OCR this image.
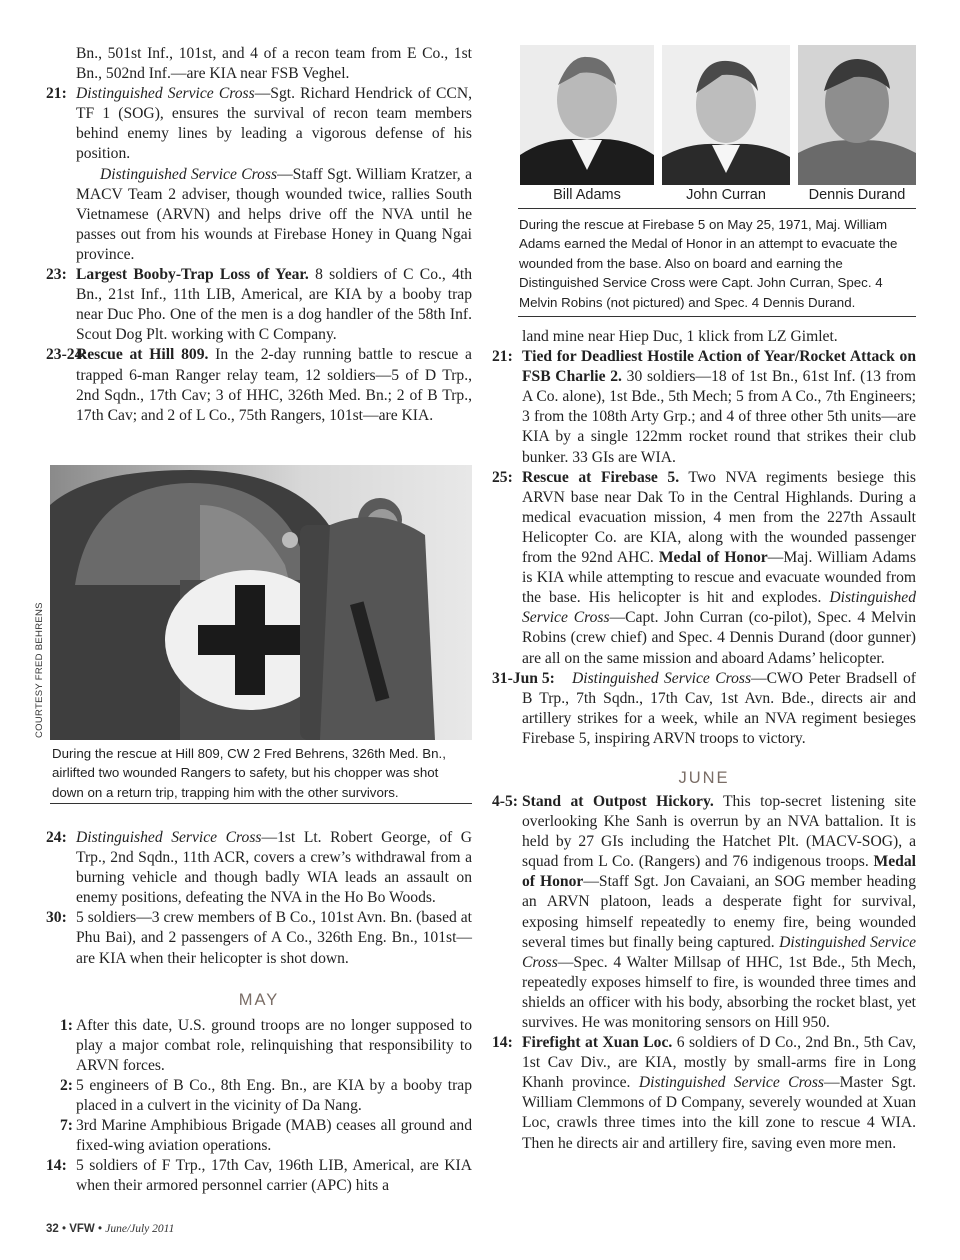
Bn., 501st Inf., 101st, and 4 of a recon team from E Co., 1st Bn., 502nd Inf.—are KIA near FSB Veghel.

21: Distinguished Service Cross—Sgt. Richard Hendrick of CCN, TF 1 (SOG), ensures the survival of recon team members behind enemy lines by leading a vigorous defense of his position.

Distinguished Service Cross—Staff Sgt. William Kratzer, a MACV Team 2 adviser, though wounded twice, rallies South Vietnamese (ARVN) and helps drive off the NVA until he passes out from his wounds at Firebase Honey in Quang Ngai province.

23: Largest Booby-Trap Loss of Year. 8 soldiers of C Co., 4th Bn., 21st Inf., 11th LIB, Americal, are KIA by a booby trap near Duc Pho. One of the men is a dog handler of the 58th Inf. Scout Dog Plt. working with C Company.

23-24:
Rescue at Hill 809. In the 2-day running battle to rescue a trapped 6-man Ranger relay team, 12 soldiers—5 of D Trp., 2nd Sqdn., 17th Cav; 3 of HHC, 326th Med. Bn.; 2 of B Trp., 17th Cav; and 2 of L Co., 75th Rangers, 101st—are KIA.

COURTESY FRED BEHRENS
During the rescue at Hill 809, CW 2 Fred Behrens, 326th Med. Bn., airlifted two wounded Rangers to safety, but his chopper was shot down on a return trip, trapping him with the other survivors.

24: Distinguished Service Cross—1st Lt. Robert George, of G Trp., 2nd Sqdn., 11th ACR, covers a crew’s withdrawal from a burning vehicle and though badly WIA leads an assault on enemy positions, defeating the NVA in the Ho Bo Woods.

30: 5 soldiers—3 crew members of B Co., 101st Avn. Bn. (based at Phu Bai), and 2 passengers of A Co., 326th Eng. Bn., 101st—are KIA when their helicopter is shot down.

MAY

1: After this date, U.S. ground troops are no longer supposed to play a major combat role, relinquishing that responsibility to ARVN forces.

2: 5 engineers of B Co., 8th Eng. Bn., are KIA by a booby trap placed in a culvert in the vicinity of Da Nang.

7: 3rd Marine Amphibious Brigade (MAB) ceases all ground and fixed-wing aviation operations.

14: 5 soldiers of F Trp., 17th Cav, 196th LIB, Americal, are KIA when their armored personnel carrier (APC) hits a

Bill Adams	John Curran	Dennis Durand
During the rescue at Firebase 5 on May 25, 1971, Maj. William Adams earned the Medal of Honor in an attempt to evacuate the wounded from the base. Also on board and earning the Distinguished Service Cross were Capt. John Curran, Spec. 4 Melvin Robins (not pictured) and Spec. 4 Dennis Durand.

land mine near Hiep Duc, 1 klick from LZ Gimlet.

21: Tied for Deadliest Hostile Action of Year/Rocket Attack on FSB Charlie 2. 30 soldiers—18 of 1st Bn., 61st Inf. (13 from A Co. alone), 1st Bde., 5th Mech; 5 from A Co., 7th Engineers; 3 from the 108th Arty Grp.; and 4 of three other 5th units—are KIA by a single 122mm rocket round that strikes their club bunker. 33 GIs are WIA.

25: Rescue at Firebase 5. Two NVA regiments besiege this ARVN base near Dak To in the Central Highlands. During a medical evacuation mission, 4 men from the 227th Assault Helicopter Co. are KIA, along with the wounded passenger from the 92nd AHC. Medal of Honor—Maj. William Adams is KIA while attempting to rescue and evacuate wounded from the base. His helicopter is hit and explodes. Distinguished Service Cross—Capt. John Curran (co-pilot), Spec. 4 Melvin Robins (crew chief) and Spec. 4 Dennis Durand (door gunner) are all on the same mission and aboard Adams’ helicopter.

31-Jun 5: Distinguished Service Cross—CWO Peter Bradsell of B Trp., 7th Sqdn., 17th Cav, 1st Avn. Bde., directs air and artillery strikes for a week, while an NVA regiment besieges Firebase 5, inspiring ARVN troops to victory.

JUNE

4-5: Stand at Outpost Hickory. This top-secret listening site overlooking Khe Sanh is overrun by an NVA battalion. It is held by 27 GIs including the Hatchet Plt. (MACV-SOG), a squad from L Co. (Rangers) and 76 indigenous troops. Medal of Honor—Staff Sgt. Jon Cavaiani, an SOG member heading an ARVN platoon, leads a desperate fight for survival, exposing himself repeatedly to enemy fire, being wounded several times but finally being captured. Distinguished Service Cross—Spec. 4 Walter Millsap of HHC, 1st Bde., 5th Mech, repeatedly exposes himself to fire, is wounded three times and shields an officer with his body, absorbing the rocket blast, yet survives. He was monitoring sensors on Hill 950.

14: Firefight at Xuan Loc. 6 soldiers of D Co., 2nd Bn., 5th Cav, 1st Cav Div., are KIA, mostly by small-arms fire in Long Khanh province. Distinguished Service Cross—Master Sgt. William Clemmons of D Company, severely wounded at Xuan Loc, crawls three times into the kill zone to rescue 4 WIA. Then he directs air and artillery fire, saving even more men.

32 • VFW • June/July 2011
